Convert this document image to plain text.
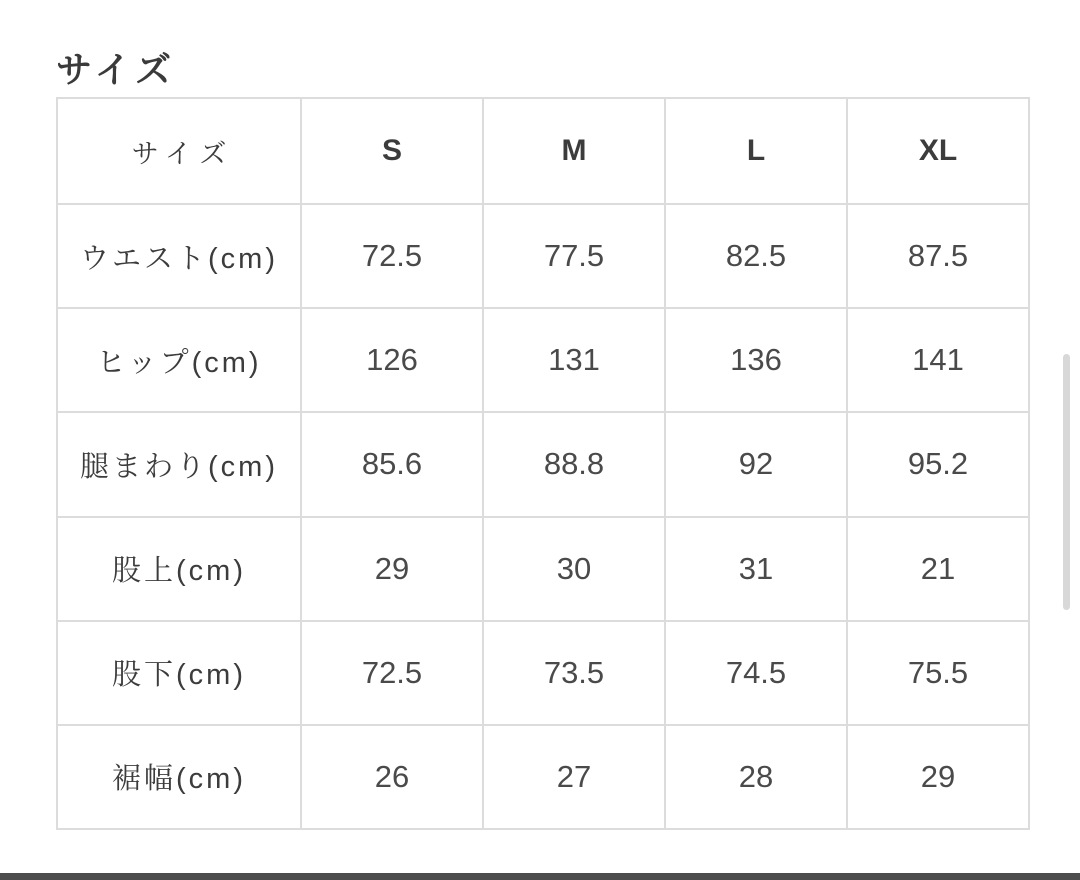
サイズ
サイズ	S	M	L	XL
ウエスト(cm)	72.5	77.5	82.5	87.5
ヒップ(cm)	126	131	136	141
腿まわり(cm)	85.6	88.8	92	95.2
股上(cm)	29	30	31	21
股下(cm)	72.5	73.5	74.5	75.5
裾幅(cm)	26	27	28	29
